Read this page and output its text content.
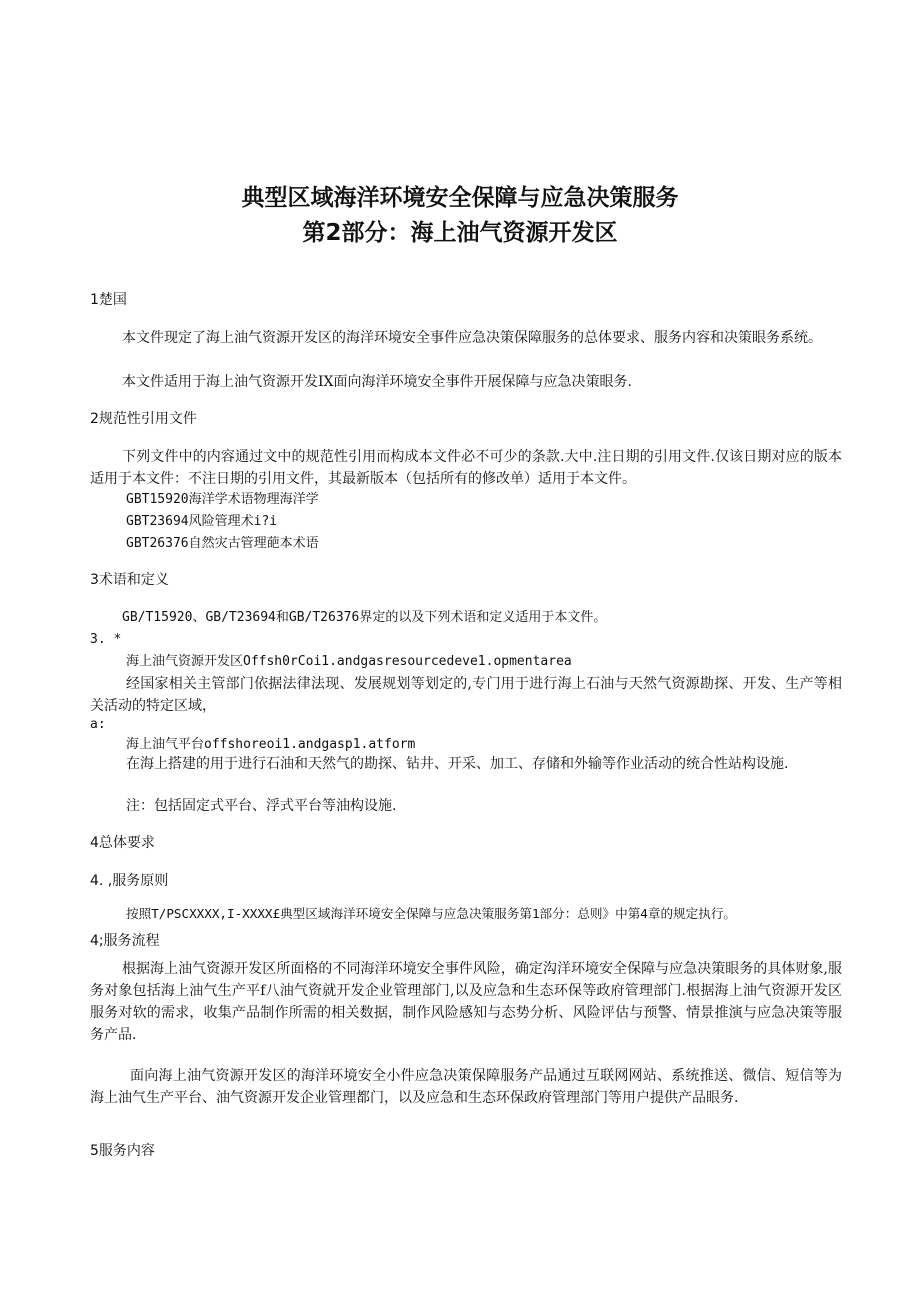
典型区域海洋环境安全保障与应急决策服务
第2部分：海上油气资源开发区

1楚国

本文件现定了海上油气资源开发区的海洋环境安全事件应急决策保障服务的总体要求、服务内容和决策眼务系统。

本文件适用于海上油气资源开发IX面向海洋环境安全事件开展保障与应急决策眼务.

2规范性引用文件

下列文件中的内容通过文中的规范性引用而构成本文件必不可少的条款.大中.注日期的引用文件.仅该日期对应的版本适用于本文件：不注日期的引用文件，其最新版本（包括所有的修改单）适用于本文件。

GBT15920海洋学术语物理海洋学

GBT23694风险管理术i?i

GBT26376自然灾古管理葩本术语

3术语和定义

GB/T15920、GB/T23694和GB/T26376界定的以及下列术语和定义适用于本文件。

3. *

海上油气资源开发区Offsh0rCoi1.andgasresourcedeve1.opmentarea

经国家相关主管部门依据法律法现、发展规划等划定的,专门用于进行海上石油与天然气资源勘探、开发、生产等相关活动的特定区域，

a:

海上油气平台offshoreoi1.andgasp1.atform

在海上搭建的用于进行石油和天然气的勘探、钻井、开采、加工、存储和外输等作业活动的统合性站构设施.

注：包括固定式平台、浮式平台等油构设施.

4总体要求

4. ,服务原则

按照T/PSCXXXX,I-XXXX£典型区域海洋环境安全保障与应急决策服务第1部分：总则》中第4章的规定执行。

4;服务流程

根据海上油气资源开发区所面格的不同海洋环境安全事件风险，确定沟洋环境安全保障与应急决策眼务的具体财象,服务对象包括海上油气生产平f八油气资就开发企业管理部门,以及应急和生态环保等政府管理部门.根据海上油气资源开发区服务对软的需求，收集产品制作所需的相关数据，制作风险感知与态势分析、风险评估与预警、情景推演与应急决策等服务产品.

面向海上油气资源开发区的海洋环境安全小件应急决策保障服务产品通过互联网网站、系统推送、微信、短信等为海上油气生产平台、油气资源开发企业管理都门，以及应急和生态环保政府管理部门等用户提供产品眼务.

5服务内容
